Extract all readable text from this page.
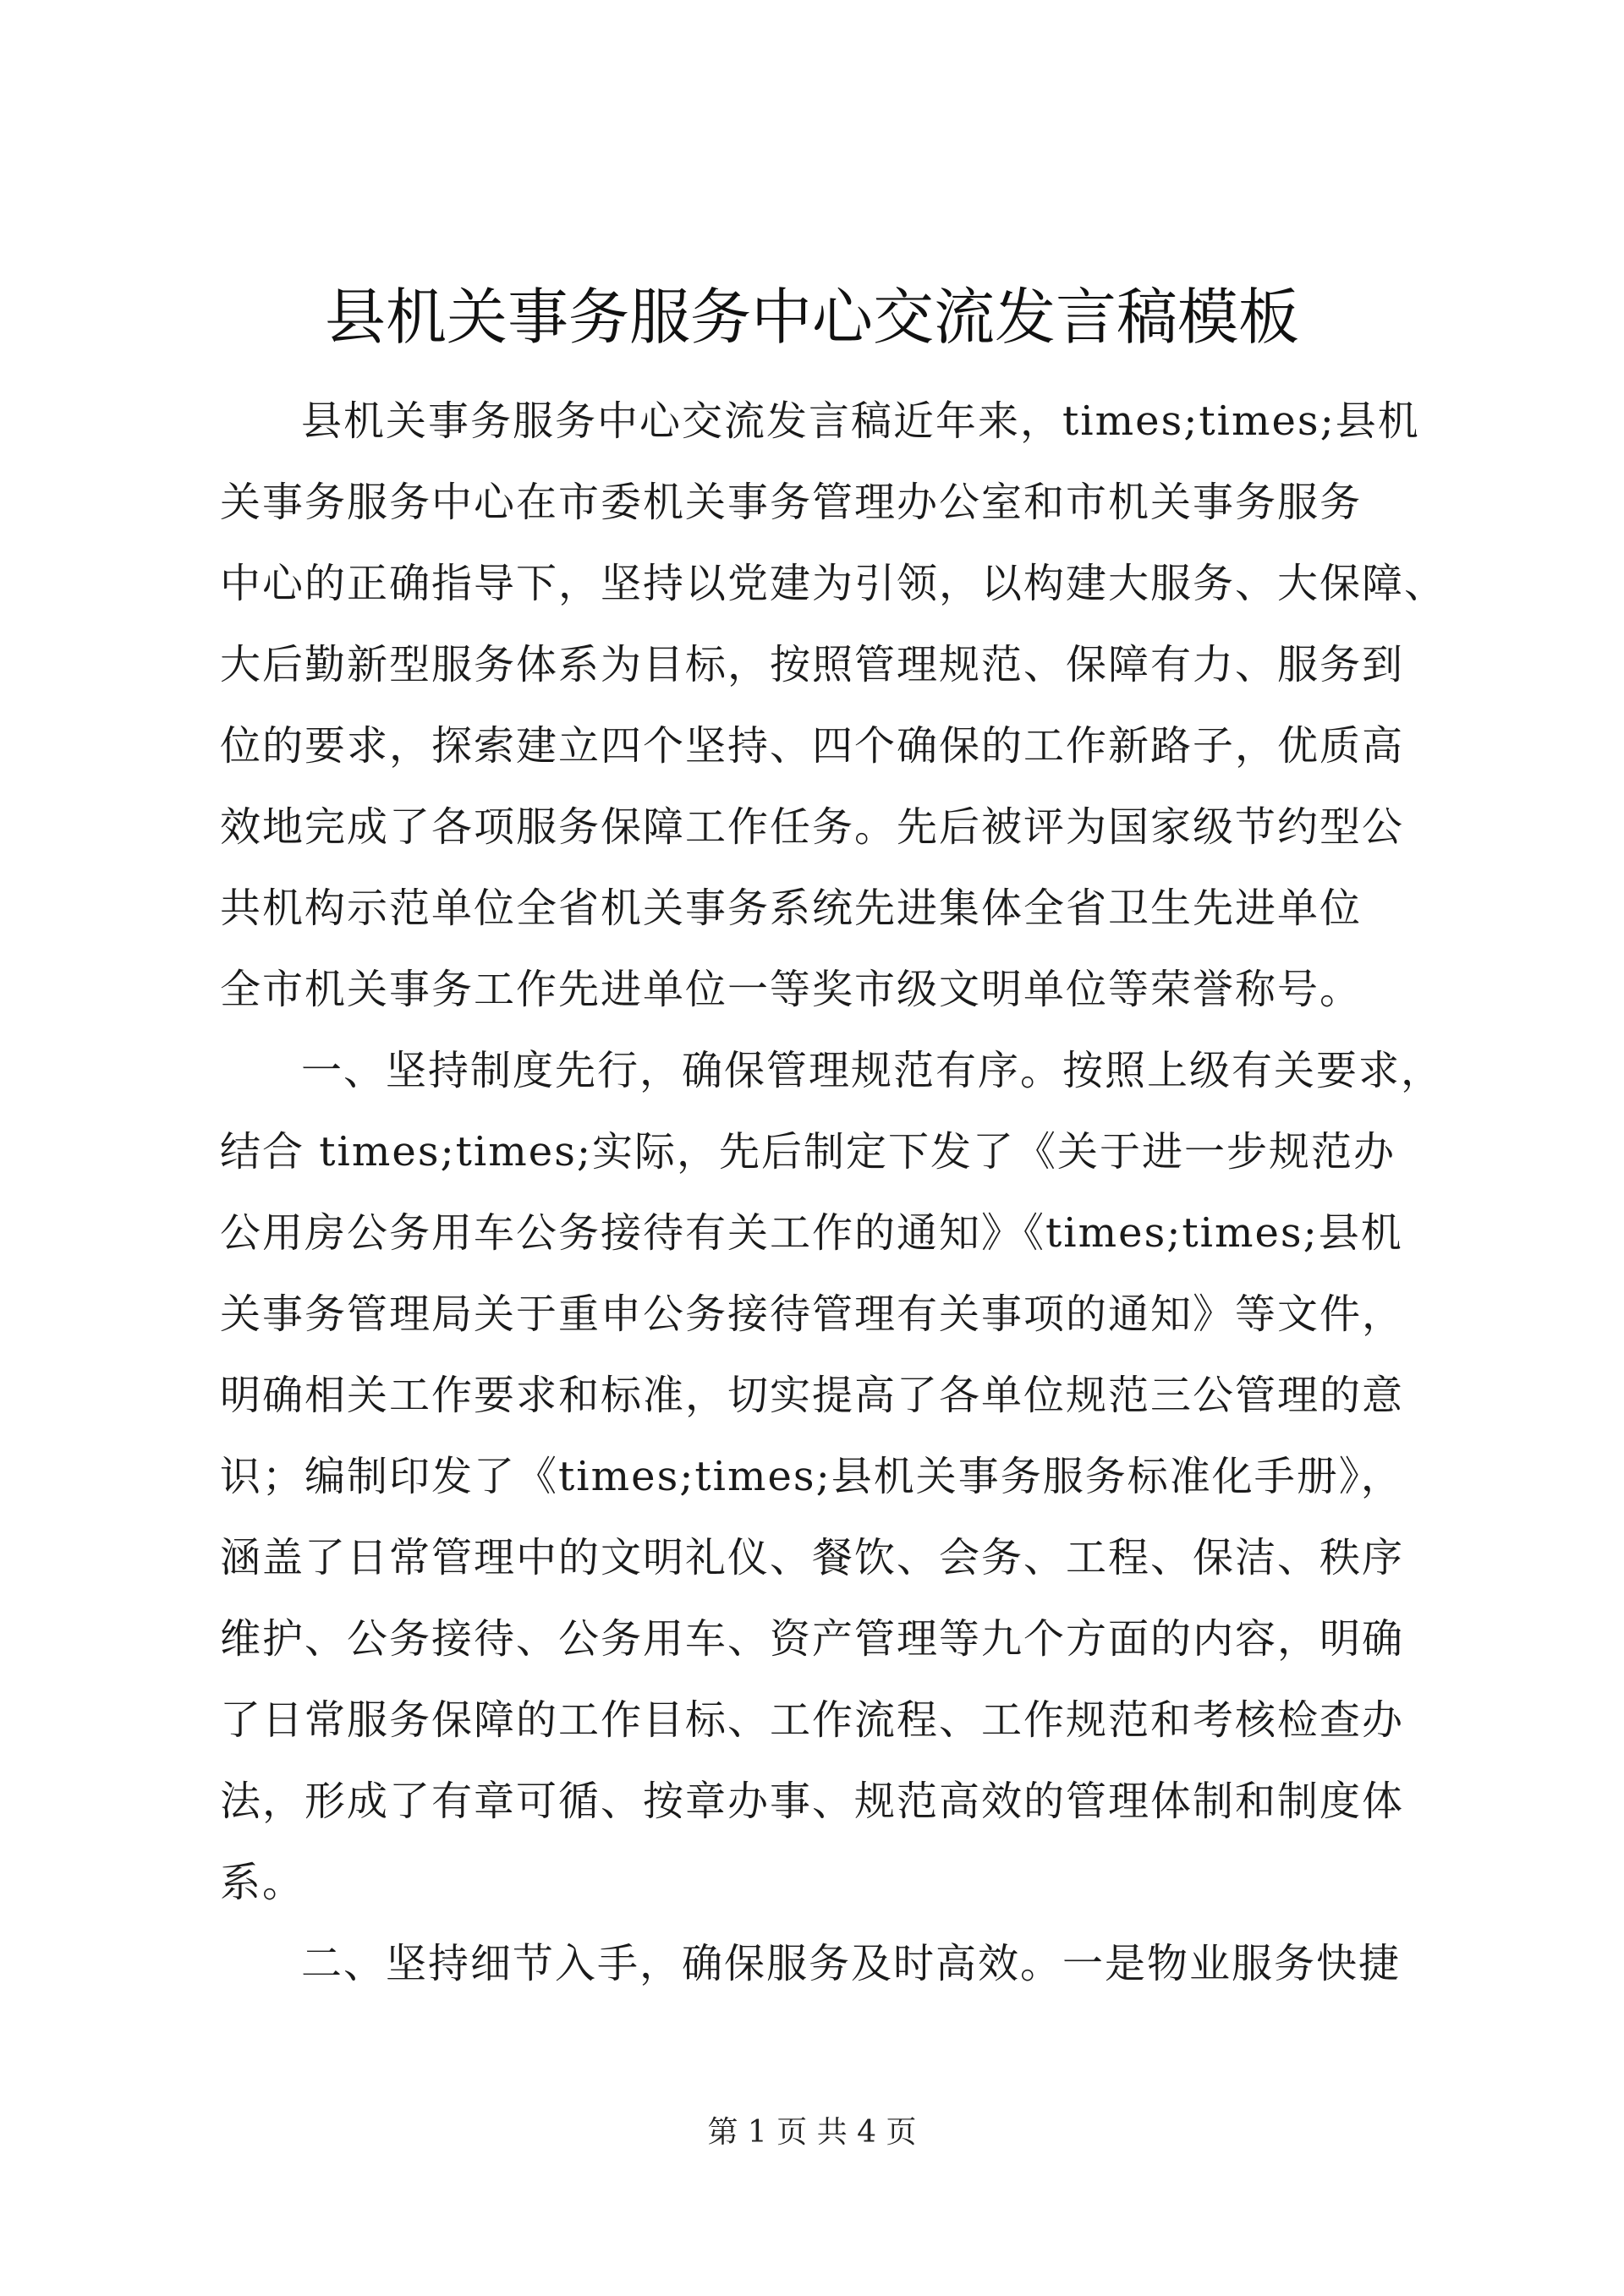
县机关事务服务中心交流发言稿模板
县机关事务服务中心交流发言稿近年来，times;times;县机
关事务服务中心在市委机关事务管理办公室和市机关事务服务
中心的正确指导下，坚持以党建为引领，以构建大服务、大保障、
大后勤新型服务体系为目标，按照管理规范、保障有力、服务到
位的要求，探索建立四个坚持、四个确保的工作新路子，优质高
效地完成了各项服务保障工作任务。先后被评为国家级节约型公
共机构示范单位全省机关事务系统先进集体全省卫生先进单位
全市机关事务工作先进单位一等奖市级文明单位等荣誉称号。
一、坚持制度先行，确保管理规范有序。按照上级有关要求，
结合 times;times;实际，先后制定下发了《关于进一步规范办
公用房公务用车公务接待有关工作的通知》《times;times;县机
关事务管理局关于重申公务接待管理有关事项的通知》等文件，
明确相关工作要求和标准，切实提高了各单位规范三公管理的意
识；编制印发了《times;times;县机关事务服务标准化手册》，
涵盖了日常管理中的文明礼仪、餐饮、会务、工程、保洁、秩序
维护、公务接待、公务用车、资产管理等九个方面的内容，明确
了日常服务保障的工作目标、工作流程、工作规范和考核检查办
法，形成了有章可循、按章办事、规范高效的管理体制和制度体
系。
二、坚持细节入手，确保服务及时高效。一是物业服务快捷
第 1 页 共 4 页
